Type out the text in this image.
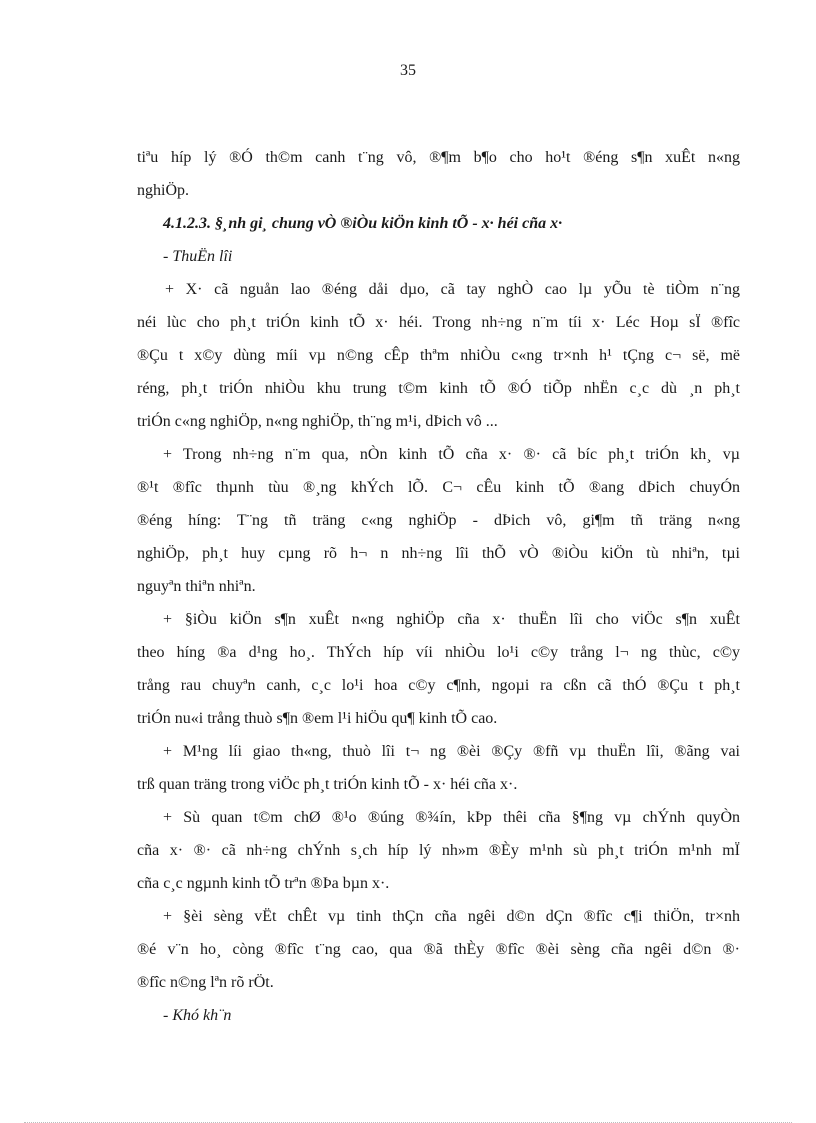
35
tiªu híp lý ®Ó th©m canh t¨ng vô, ®¶m b¶o cho ho¹t ®éng s¶n xuÊt n«ng
nghiÖp.
4.1.2.3. §¸nh gi¸ chung vÒ ®iÒu kiÖn kinh tÕ - x· héi cña x·
- ThuËn lîi
+ X· cã nguån lao ®éng dåi dµo, cã tay nghÒ cao lµ yÕu tè tiÒm n¨ng
néi lùc cho ph¸t triÓn kinh tÕ x· héi. Trong nh÷ng n¨m tíi x· Léc Hoµ sÏ ®fîc
®Çu t x©y dùng míi vµ n©ng cÊp thªm nhiÒu c«ng tr×nh h¹ tÇng c¬ së, më
réng, ph¸t triÓn nhiÒu khu trung t©m kinh tÕ ®Ó tiÕp nhËn c¸c dù ¸n ph¸t
triÓn c«ng nghiÖp, n«ng nghiÖp, th¨ng m¹i, dÞich vô ...
+ Trong nh÷ng n¨m qua, nÒn kinh tÕ cña x· ®· cã bíc ph¸t triÓn kh¸ vµ
®¹t ®fîc thµnh tùu ®¸ng khÝch lÕ. C¬ cÊu kinh tÕ ®ang dÞich chuyÓn
®éng híng: T¨ng tñ träng c«ng nghiÖp - dÞich vô, gi¶m tñ träng n«ng
nghiÖp, ph¸t huy cµng rõ h¬ n nh÷ng lîi thÕ vÒ ®iÒu kiÖn tù nhiªn, tµi
nguyªn thiªn nhiªn.
+ §iÒu kiÖn s¶n xuÊt n«ng nghiÖp cña x· thuËn lîi cho viÖc s¶n xuÊt
theo híng ®a d¹ng ho¸. ThÝch híp víi nhiÒu lo¹i c©y trång l¬ ng thùc, c©y
trång rau chuyªn canh, c¸c lo¹i hoa c©y c¶nh, ngoµi ra cßn cã thÓ ®Çu t ph¸t
triÓn nu«i trång thuò s¶n ®em l¹i hiÖu qu¶ kinh tÕ cao.
+ M¹ng líi giao th«ng, thuò lîi t¬ ng ®èi ®Çy ®fñ vµ thuËn lîi, ®ãng vai
trß quan träng trong viÖc ph¸t triÓn kinh tÕ - x· héi cña x·.
+ Sù quan t©m chØ ®¹o ®úng ®¾ín, kÞp thêi cña §¶ng vµ chÝnh quyÒn
cña x· ®· cã nh÷ng chÝnh s¸ch híp lý nh»m ®Èy m¹nh sù ph¸t triÓn m¹nh mÏ
cña c¸c ngµnh kinh tÕ trªn ®Þa bµn x·.
+ §èi sèng vËt chÊt vµ tinh thÇn cña ngêi d©n dÇn ®fîc c¶i thiÖn, tr×nh
®é v¨n ho¸ còng ®fîc t¨ng cao, qua ®ã thÈy ®fîc ®èi sèng cña ngêi d©n ®·
®fîc n©ng lªn rõ rÖt.
- Khó kh¨n
